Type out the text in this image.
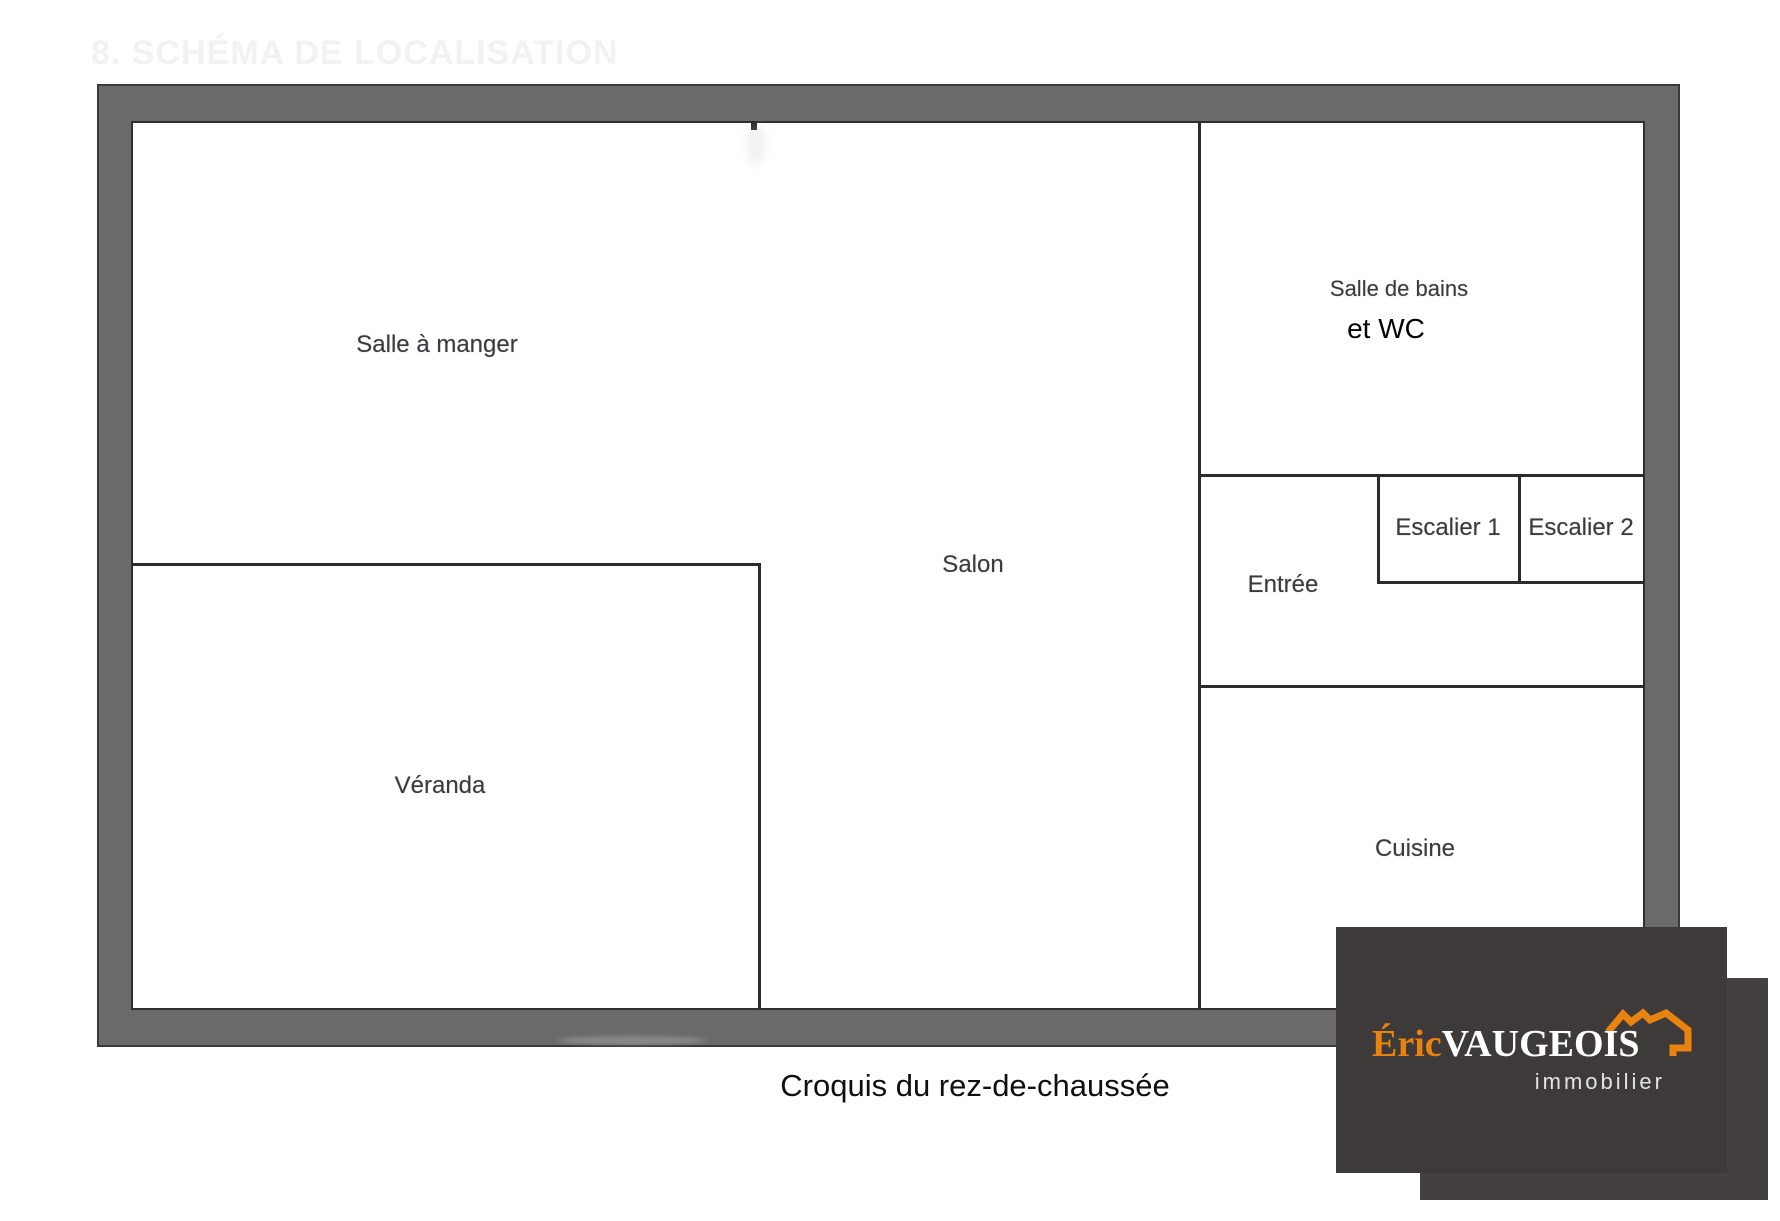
8. SCHÉMA DE LOCALISATION
Salle à manger
Véranda
Salon
Salle de bains
et WC
Entrée
Escalier 1 Escalier 2
Cuisine
Croquis du rez-de-chaussée
ÉricVAUGEOIS
immobilier
